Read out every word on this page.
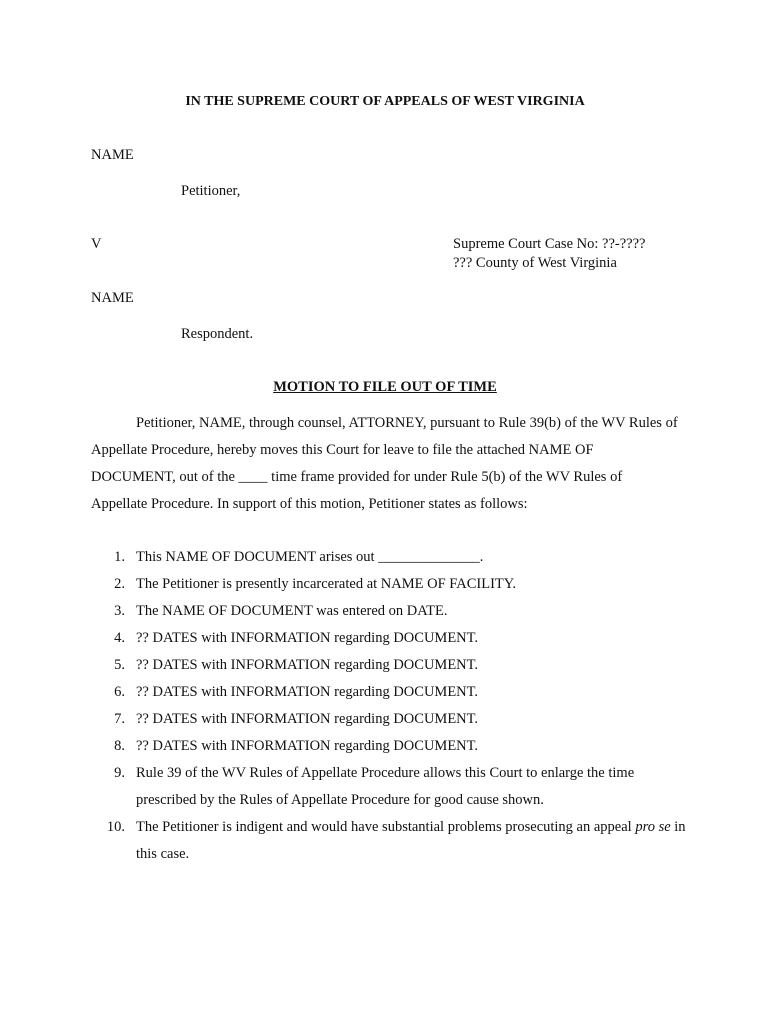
IN THE SUPREME COURT OF APPEALS OF WEST VIRGINIA
NAME
Petitioner,
V	Supreme Court Case No: ??-????
??? County of West Virginia
NAME
Respondent.
MOTION TO FILE OUT OF TIME
Petitioner, NAME, through counsel, ATTORNEY, pursuant to Rule 39(b) of the WV Rules of Appellate Procedure, hereby moves this Court for leave to file the attached NAME OF DOCUMENT, out of the ____ time frame provided for under Rule 5(b) of the WV Rules of Appellate Procedure. In support of this motion, Petitioner states as follows:
1. This NAME OF DOCUMENT arises out ______________.
2. The Petitioner is presently incarcerated at NAME OF FACILITY.
3. The NAME OF DOCUMENT was entered on DATE.
4. ?? DATES with INFORMATION regarding DOCUMENT.
5. ?? DATES with INFORMATION regarding DOCUMENT.
6. ?? DATES with INFORMATION regarding DOCUMENT.
7. ?? DATES with INFORMATION regarding DOCUMENT.
8. ?? DATES with INFORMATION regarding DOCUMENT.
9. Rule 39 of the WV Rules of Appellate Procedure allows this Court to enlarge the time prescribed by the Rules of Appellate Procedure for good cause shown.
10. The Petitioner is indigent and would have substantial problems prosecuting an appeal pro se in this case.
